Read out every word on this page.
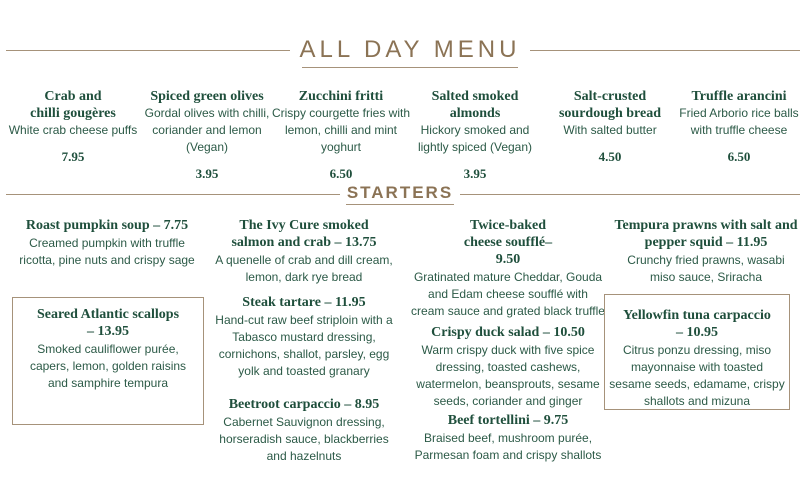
ALL DAY MENU
Crab and
chilli gougères
White crab cheese puffs
7.95
Spiced green olives
Gordal olives with chilli, coriander and lemon (Vegan)
3.95
Zucchini fritti
Crispy courgette fries with lemon, chilli and mint yoghurt
6.50
Salted smoked
almonds
Hickory smoked and lightly spiced (Vegan)
3.95
Salt-crusted
sourdough bread
With salted butter
4.50
Truffle arancini
Fried Arborio rice balls with truffle cheese
6.50
STARTERS
Roast pumpkin soup – 7.75
Creamed pumpkin with truffle ricotta, pine nuts and crispy sage
Seared Atlantic scallops – 13.95
Smoked cauliflower purée, capers, lemon, golden raisins and samphire tempura
The Ivy Cure smoked salmon and crab – 13.75
A quenelle of crab and dill cream, lemon, dark rye bread
Steak tartare – 11.95
Hand-cut raw beef striploin with a Tabasco mustard dressing, cornichons, shallot, parsley, egg yolk and toasted granary
Beetroot carpaccio – 8.95
Cabernet Sauvignon dressing, horseradish sauce, blackberries and hazelnuts
Twice-baked cheese soufflé– 9.50
Gratinated mature Cheddar, Gouda and Edam cheese soufflé with cream sauce and grated black truffle
Crispy duck salad – 10.50
Warm crispy duck with five spice dressing, toasted cashews, watermelon, beansprouts, sesame seeds, coriander and ginger
Beef tortellini – 9.75
Braised beef, mushroom purée, Parmesan foam and crispy shallots
Tempura prawns with salt and pepper squid – 11.95
Crunchy fried prawns, wasabi miso sauce, Sriracha
Yellowfin tuna carpaccio – 10.95
Citrus ponzu dressing, miso mayonnaise with toasted sesame seeds, edamame, crispy shallots and mizuna
